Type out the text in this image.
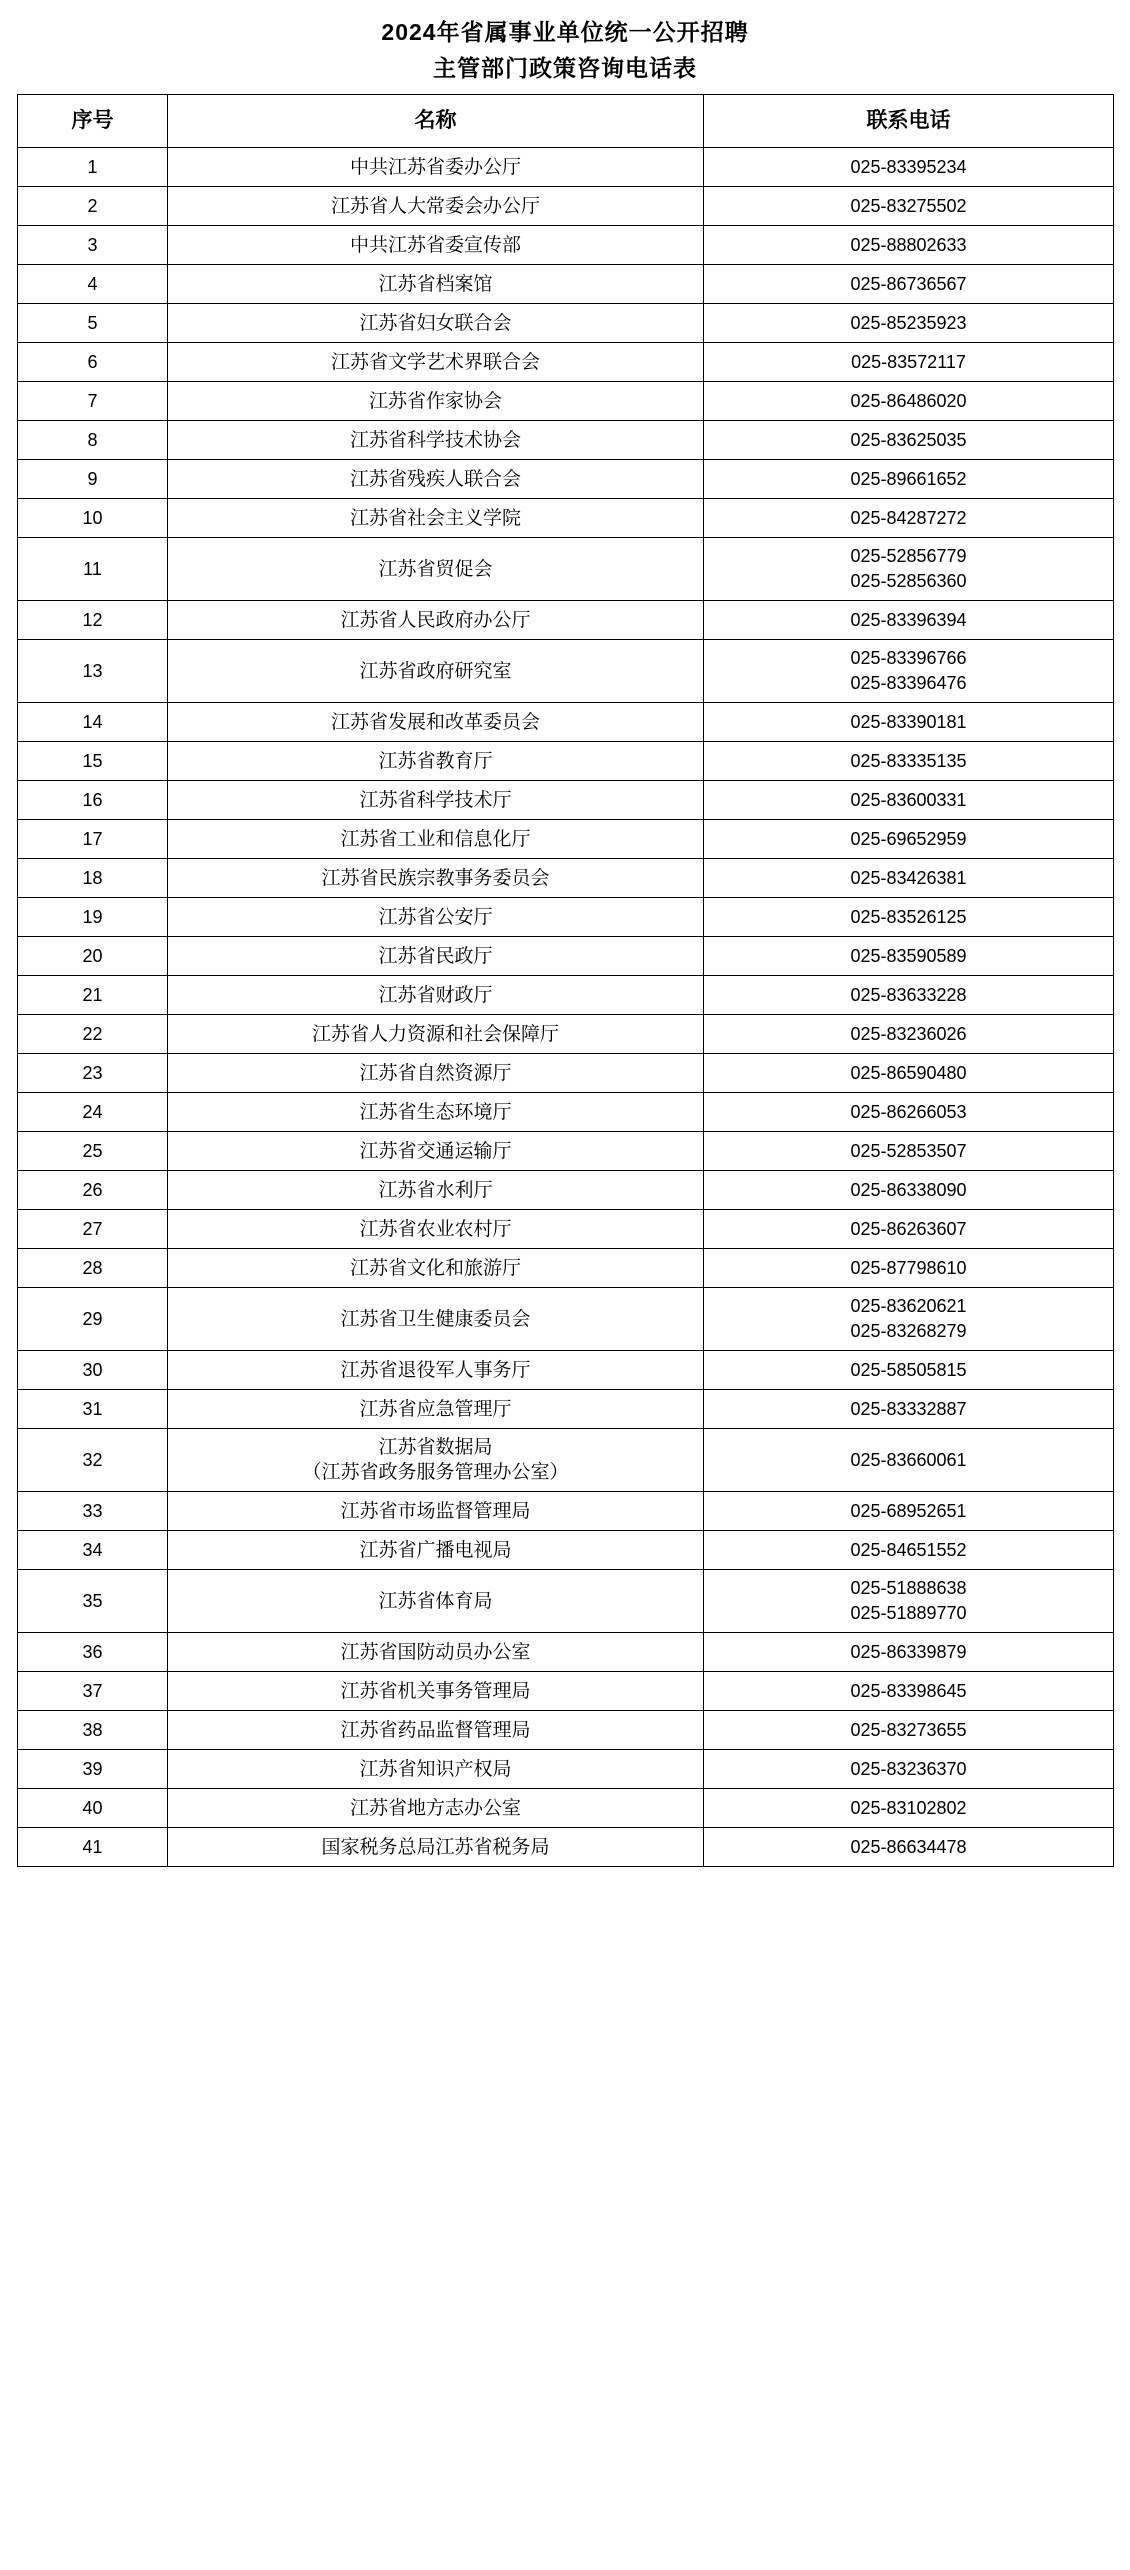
2024年省属事业单位统一公开招聘
主管部门政策咨询电话表
序号	名称	联系电话
1	中共江苏省委办公厅	025-83395234

2	江苏省人大常委会办公厅	025-83275502

3	中共江苏省委宣传部	025-88802633

4	江苏省档案馆	025-86736567

5	江苏省妇女联合会	025-85235923

6	江苏省文学艺术界联合会	025-83572117

7	江苏省作家协会	025-86486020

8	江苏省科学技术协会	025-83625035

9	江苏省残疾人联合会	025-89661652

10	江苏省社会主义学院	025-84287272

11	江苏省贸促会	025-52856779
025-52856360

12	江苏省人民政府办公厅	025-83396394

13	江苏省政府研究室	025-83396766
025-83396476

14	江苏省发展和改革委员会	025-83390181

15	江苏省教育厅	025-83335135

16	江苏省科学技术厅	025-83600331

17	江苏省工业和信息化厅	025-69652959

18	江苏省民族宗教事务委员会	025-83426381

19	江苏省公安厅	025-83526125

20	江苏省民政厅	025-83590589

21	江苏省财政厅	025-83633228

22	江苏省人力资源和社会保障厅	025-83236026

23	江苏省自然资源厅	025-86590480

24	江苏省生态环境厅	025-86266053

25	江苏省交通运输厅	025-52853507

26	江苏省水利厅	025-86338090

27	江苏省农业农村厅	025-86263607

28	江苏省文化和旅游厅	025-87798610

29	江苏省卫生健康委员会	025-83620621
025-83268279

30	江苏省退役军人事务厅	025-58505815

31	江苏省应急管理厅	025-83332887

32	江苏省数据局
（江苏省政务服务管理办公室）	025-83660061

33	江苏省市场监督管理局	025-68952651

34	江苏省广播电视局	025-84651552

35	江苏省体育局	025-51888638
025-51889770

36	江苏省国防动员办公室	025-86339879

37	江苏省机关事务管理局	025-83398645

38	江苏省药品监督管理局	025-83273655

39	江苏省知识产权局	025-83236370

40	江苏省地方志办公室	025-83102802

41	国家税务总局江苏省税务局	025-86634478
